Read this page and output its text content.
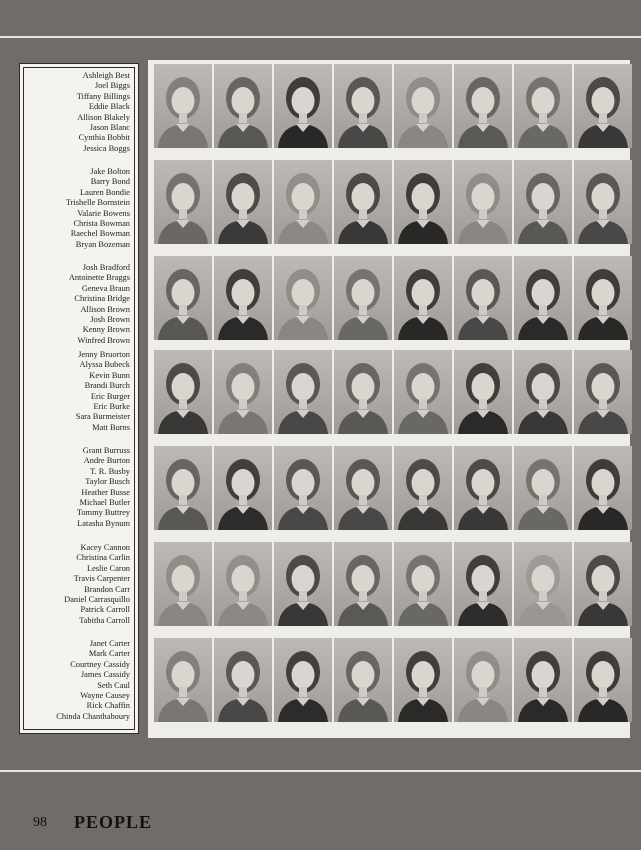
Ashleigh Best
Joel Biggs
Tiffany Billings
Eddie Black
Allison Blakely
Jason Blanc
Cynthia Bobbit
Jessica Boggs
Jake Bolton
Barry Bond
Lauren Bondie
Trishelle Bornstein
Valarie Bowens
Christa Bowman
Raechel Bowman
Bryan Bozeman
Josh Bradford
Antoinette Braggs
Geneva Braun
Christina Bridge
Allison Brown
Josh Brown
Kenny Brown
Winfred Brown
Jenny Bruorton
Alyssa Bubeck
Kevin Bunn
Brandi Burch
Eric Burger
Eric Burke
Sara Burmeister
Matt Burns
Grant Burruss
Andre Burton
T. R. Busby
Taylor Busch
Heather Busse
Michael Butler
Tommy Buttrey
Latasha Bynum
Kacey Cannon
Christina Carlin
Leslie Caron
Travis Carpenter
Brandon Carr
Daniel Carrasquillo
Patrick Carroll
Tabitha Carroll
Janet Carter
Mark Carter
Courtney Cassidy
James Cassidy
Seth Caul
Wayne Causey
Rick Chaffin
Chinda Chanthaboury
98 PEOPLE
